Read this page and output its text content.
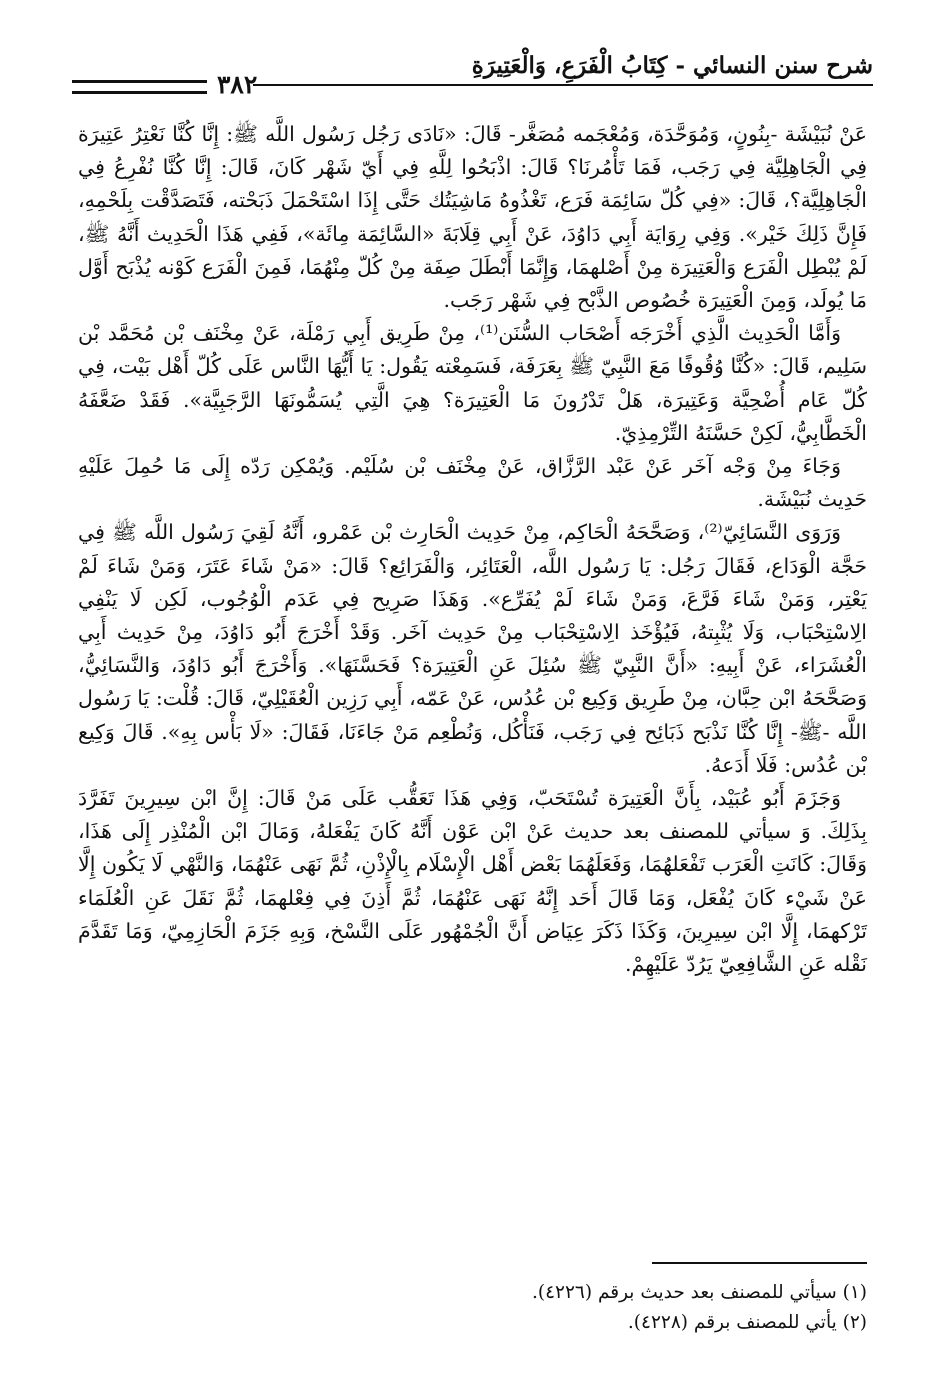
شرح سنن النسائي - كِتَابُ الْفَرَعِ، وَالْعَتِيرَةِ
٣٨٢

عَنْ نُبَيْشَة -بِنُونٍ، وَمُوَحَّدَة، وَمُعْجَمه مُصَغَّر- قَالَ: «نَادَى رَجُل رَسُول اللَّه ﷺ: إِنَّا كُنَّا نَعْتِرُ عَتِيرَة فِي الْجَاهِلِيَّة فِي رَجَب، فَمَا تَأْمُرنَا؟ قَالَ: اذْبَحُوا لِلَّهِ فِي أَيّ شَهْر كَانَ، قَالَ: إِنَّا كُنَّا نُفْرِعُ فِي الْجَاهِلِيَّة؟، قَالَ: «فِي كُلّ سَائِمَة فَرَع، تَغْذُوهُ مَاشِيَتُك حَتَّى إِذَا اسْتَحْمَلَ ذَبَحْته، فَتَصَدَّقْت بِلَحْمِهِ، فَإِنَّ ذَلِكَ خَيْر». وَفِي رِوَايَة أَبِي دَاوُدَ، عَنْ أَبِي قِلَابَةَ «السَّائِمَة مِائَة»، فَفِي هَذَا الْحَدِيث أَنَّهُ ﷺ، لَمْ يُبْطِل الْفَرَع وَالْعَتِيرَة مِنْ أَصْلهمَا، وَإِنَّمَا أَبْطَلَ صِفَة مِنْ كُلّ مِنْهُمَا، فَمِنَ الْفَرَع كَوْنه يُذْبَح أَوَّل مَا يُولَد، وَمِنَ الْعَتِيرَة خُصُوص الذَّبْح فِي شَهْر رَجَب.

وَأَمَّا الْحَدِيث الَّذِي أَخْرَجَه أَصْحَاب السُّنَن⁽¹⁾، مِنْ طَرِيق أَبِي رَمْلَة، عَنْ مِخْنَف بْن مُحَمَّد بْن سَلِيم، قَالَ: «كُنَّا وُقُوفًا مَعَ النَّبِيّ ﷺ بِعَرَفَة، فَسَمِعْته يَقُول: يَا أَيُّهَا النَّاس عَلَى كُلّ أَهْل بَيْت، فِي كُلّ عَام أُضْحِيَّة وَعَتِيرَة، هَلْ تَدْرُونَ مَا الْعَتِيرَة؟ هِيَ الَّتِي يُسَمُّونَهَا الرَّجَبِيَّة». فَقَدْ ضَعَّفَهُ الْخَطَّابِيُّ، لَكِنْ حَسَّنَهُ التِّرْمِذِيّ.

وَجَاءَ مِنْ وَجْه آخَر عَنْ عَبْد الرَّزَّاق، عَنْ مِخْنَف بْن سُلَيْم. وَيُمْكِن رَدّه إِلَى مَا حُمِلَ عَلَيْهِ حَدِيث نُبَيْشَة.

وَرَوَى النَّسَائِيّ⁽²⁾، وَصَحَّحَهُ الْحَاكِم، مِنْ حَدِيث الْحَارِث بْن عَمْرو، أَنَّهُ لَقِيَ رَسُول اللَّه ﷺ فِي حَجَّة الْوَدَاع، فَقَالَ رَجُل: يَا رَسُول اللَّه، الْعَتَائِر، وَالْفَرَائِع؟ قَالَ: «مَنْ شَاءَ عَتَرَ، وَمَنْ شَاءَ لَمْ يَعْتِر، وَمَنْ شَاءَ فَرَّعَ، وَمَنْ شَاءَ لَمْ يُفَرِّع». وَهَذَا صَرِيح فِي عَدَم الْوُجُوب، لَكِن لَا يَنْفِي الِاسْتِحْبَاب، وَلَا يُثْبِتهُ، فَيُؤْخَذ الِاسْتِحْبَاب مِنْ حَدِيث آخَر. وَقَدْ أَخْرَجَ أَبُو دَاوُدَ، مِنْ حَدِيث أَبِي الْعُشَرَاء، عَنْ أَبِيهِ: «أَنَّ النَّبِيّ ﷺ سُئِلَ عَنِ الْعَتِيرَة؟ فَحَسَّنَهَا». وَأَخْرَجَ أَبُو دَاوُدَ، وَالنَّسَائِيُّ، وَصَحَّحَهُ ابْن حِبَّان، مِنْ طَرِيق وَكِيع بْن عُدُس، عَنْ عَمّه، أَبِي رَزِين الْعُقَيْلِيّ، قَالَ: قُلْت: يَا رَسُول اللَّه -ﷺ- إِنَّا كُنَّا نَذْبَح ذَبَائِح فِي رَجَب، فَنَأْكُل، وَنُطْعِم مَنْ جَاءَنَا، فَقَالَ: «لَا بَأْس بِهِ». قَالَ وَكِيع بْن عُدُس: فَلَا أَدَعهُ.

وَجَزَمَ أَبُو عُبَيْد، بِأَنَّ الْعَتِيرَة تُسْتَحَبّ، وَفِي هَذَا تَعَقُّب عَلَى مَنْ قَالَ: إِنَّ ابْن سِيرِينَ تَفَرَّدَ بِذَلِكَ. وَ سيأتي للمصنف بعد حديث عَنْ ابْن عَوْن أَنَّهُ كَانَ يَفْعَلهُ، وَمَالَ ابْن الْمُنْذِر إِلَى هَذَا، وَقَالَ: كَانَتِ الْعَرَب تَفْعَلهُمَا، وَفَعَلَهُمَا بَعْض أَهْل الْإِسْلَام بِالْإِذْنِ، ثُمَّ نَهَى عَنْهُمَا، وَالنَّهْي لَا يَكُون إِلَّا عَنْ شَيْء كَانَ يُفْعَل، وَمَا قَالَ أَحَد إِنَّهُ نَهَى عَنْهُمَا، ثُمَّ أَذِنَ فِي فِعْلهمَا، ثُمَّ نَقَلَ عَنِ الْعُلَمَاء تَرْكهمَا، إِلَّا ابْن سِيرِينَ، وَكَذَا ذَكَرَ عِيَاض أَنَّ الْجُمْهُور عَلَى النَّسْخ، وَبِهِ جَزَمَ الْحَازِمِيّ، وَمَا تَقَدَّمَ نَقْله عَنِ الشَّافِعِيّ يَرُدّ عَلَيْهِمْ.

(١) سيأتي للمصنف بعد حديث برقم (٤٢٢٦).

(٢) يأتي للمصنف برقم (٤٢٢٨).
